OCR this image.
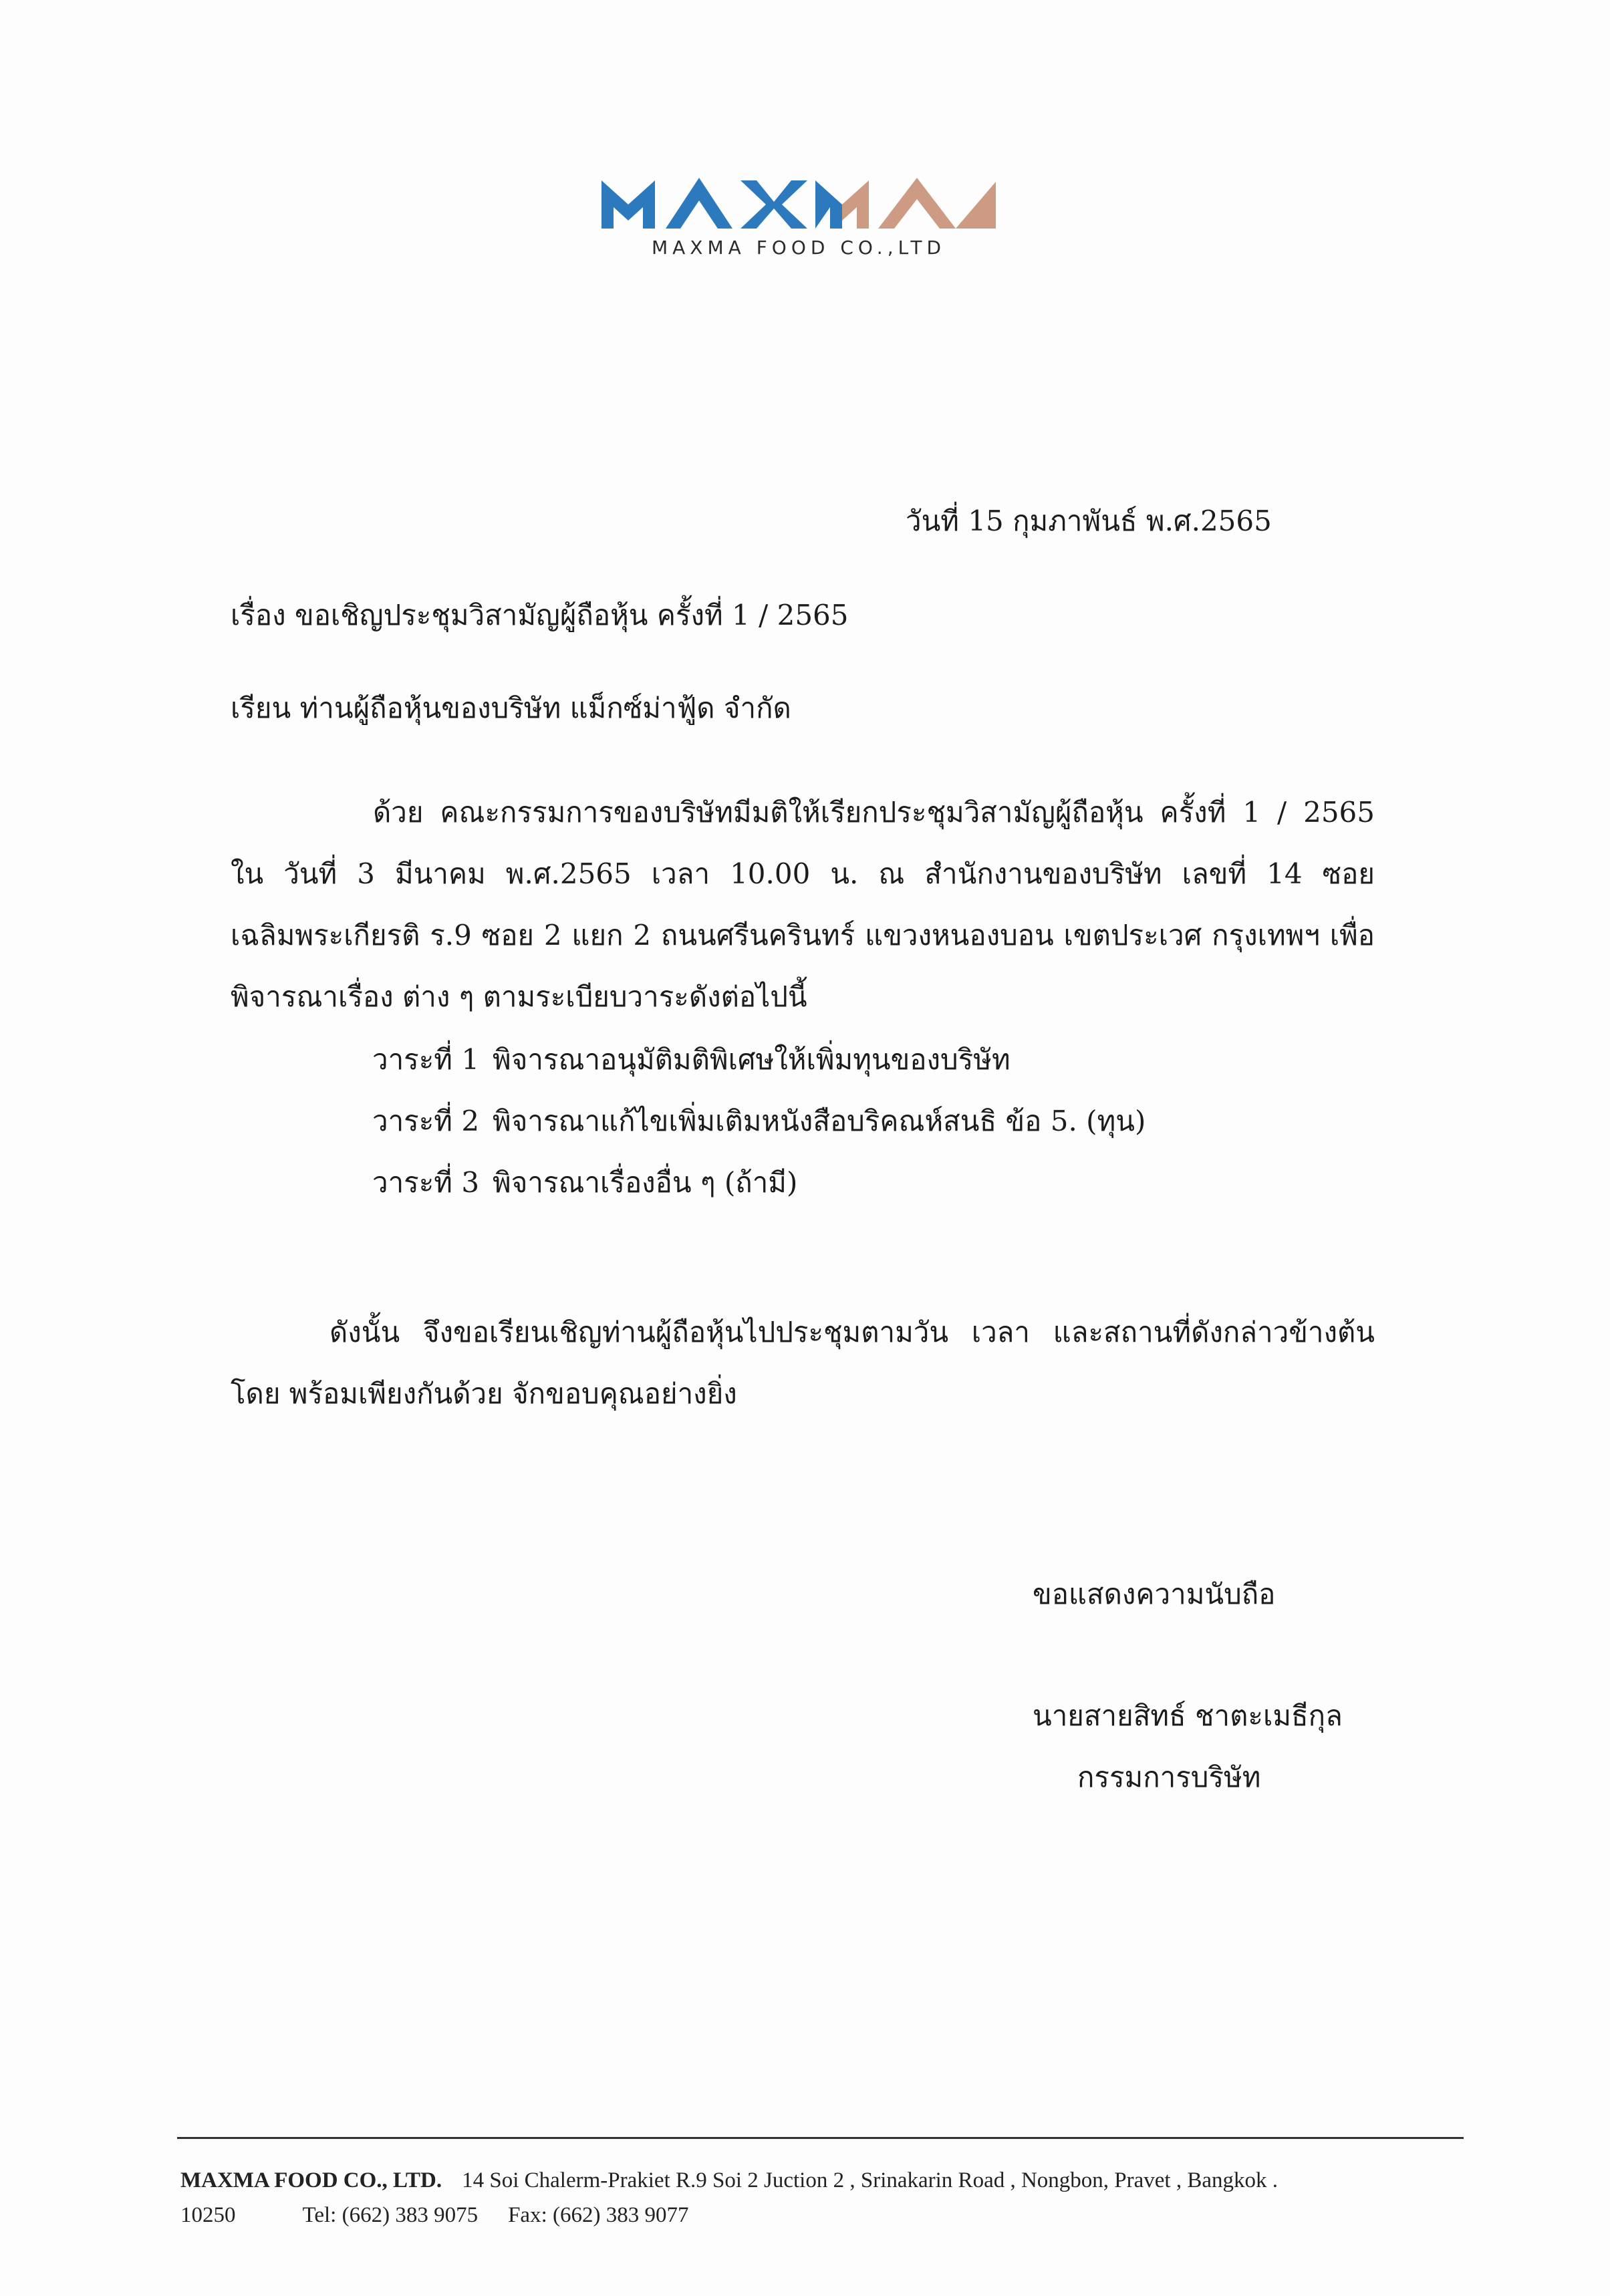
MAXMA
MAXMA FOOD CO.,LTD
วันที่ 15 กุมภาพันธ์ พ.ศ.2565
เรื่อง ขอเชิญประชุมวิสามัญผู้ถือหุ้น ครั้งที่ 1 / 2565
เรียน ท่านผู้ถือหุ้นของบริษัท แม็กซ์ม่าฟู้ด จำกัด
ด้วย คณะกรรมการของบริษัทมีมติให้เรียกประชุมวิสามัญผู้ถือหุ้น ครั้งที่ 1 / 2565 ใน วันที่ 3 มีนาคม พ.ศ.2565 เวลา 10.00 น. ณ สำนักงานของบริษัท เลขที่ 14 ซอยเฉลิมพระเกียรติ ร.9 ซอย 2 แยก 2 ถนนศรีนครินทร์ แขวงหนองบอน เขตประเวศ กรุงเทพฯ เพื่อพิจารณาเรื่อง ต่าง ๆ ตามระเบียบวาระดังต่อไปนี้
วาระที่ 1 พิจารณาอนุมัติมติพิเศษให้เพิ่มทุนของบริษัท
วาระที่ 2 พิจารณาแก้ไขเพิ่มเติมหนังสือบริคณห์สนธิ ข้อ 5. (ทุน)
วาระที่ 3 พิจารณาเรื่องอื่น ๆ (ถ้ามี)
ดังนั้น จึงขอเรียนเชิญท่านผู้ถือหุ้นไปประชุมตามวัน เวลา และสถานที่ดังกล่าวข้างต้นโดย พร้อมเพียงกันด้วย จักขอบคุณอย่างยิ่ง
ขอแสดงความนับถือ
นายสายสิทธ์ ชาตะเมธีกุล
กรรมการบริษัท
MAXMA FOOD CO., LTD. 14 Soi Chalerm-Prakiet R.9 Soi 2 Juction 2 , Srinakarin Road , Nongbon, Pravet , Bangkok .
10250	Tel: (662) 383 9075 Fax: (662) 383 9077
